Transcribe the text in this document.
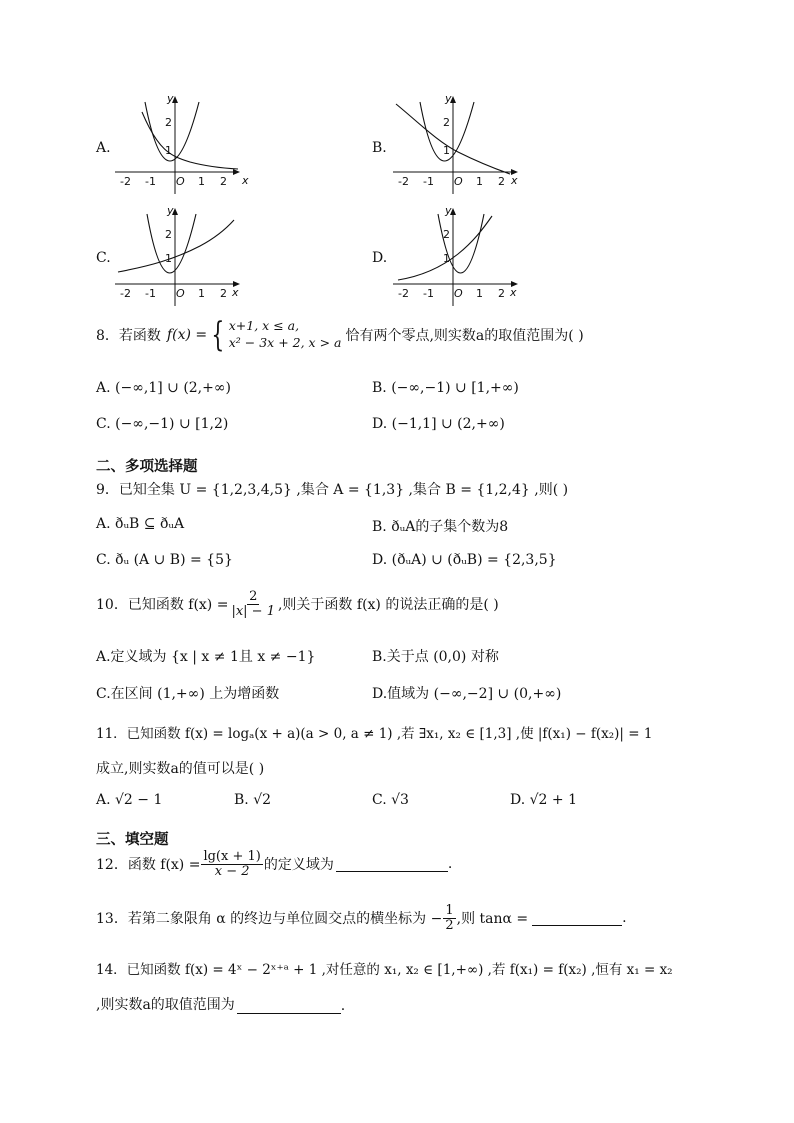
A.
y
x
2
1
O
-2 -1	1 2
B.
y
x
2
1
O
-2 -1	1 2
C.
y
x
2
1
O
-2 -1	1 2
D.
y
x
2
1
O
-2 -1	1 2
8．若函数 f(x) = { x+1, x ≤ a,
x² − 3x + 2, x > a 恰有两个零点,则实数a的取值范围为( )
A. (−∞,1] ∪ (2,+∞)	B. (−∞,−1) ∪ [1,+∞)
C. (−∞,−1) ∪ [1,2)	D. (−1,1] ∪ (2,+∞)
二、多项选择题
9．已知全集 U = {1,2,3,4,5} ,集合 A = {1,3} ,集合 B = {1,2,4} ,则( )
A. ðᵤB ⊆ ðᵤA	B. ðᵤA的子集个数为8
C. ðᵤ (A ∪ B) = {5}	D. (ðᵤA) ∪ (ðᵤB) = {2,3,5}
10．已知函数 $f(x) = \frac{2}{|x| - 1}$ ,则关于函数 f(x) 的说法正确的是( )
A.定义域为 {x | x ≠ 1且 x ≠ −1}	B.关于点 (0,0) 对称
C.在区间 (1,+∞) 上为增函数	D.值域为 (−∞,−2] ∪ (0,+∞)
11．已知函数 f(x) = logₐ(x + a)(a > 0, a ≠ 1) ,若 ∃x₁, x₂ ∈ [1,3] ,使 |f(x₁) − f(x₂)| = 1
成立,则实数a的值可以是( )
A. √2 − 1	B. √2	C. √3	D. √2 + 1
三、填空题
12．函数 $f(x) = \frac{\lg(x + 1)}{x - 2}$ 的定义域为	.
13．若第二象限角 α 的终边与单位圆交点的横坐标为 − $\frac{1}{2}$ ,则 tanα =	.
14．已知函数 f(x) = 4ˣ − 2ˣ⁺ᵃ + 1 ,对任意的 x₁, x₂ ∈ [1,+∞) ,若 f(x₁) = f(x₂) ,恒有 x₁ = x₂
,则实数a的取值范围为	.
